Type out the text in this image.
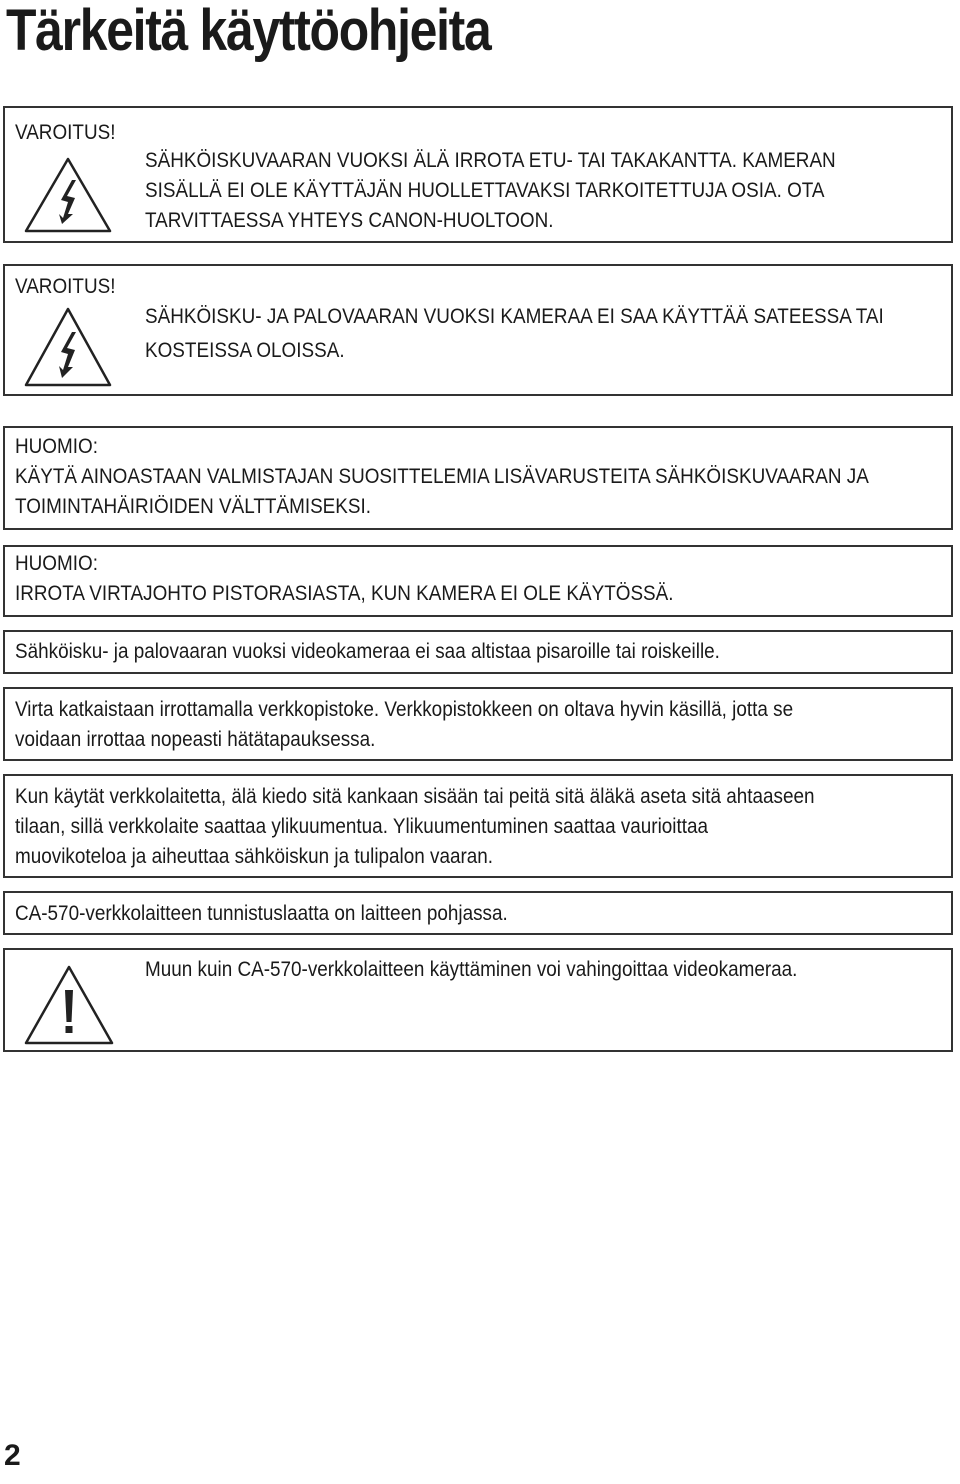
Tärkeitä käyttöohjeita
VAROITUS!
SÄHKÖISKUVAARAN VUOKSI ÄLÄ IRROTA ETU- TAI TAKAKANTTA. KAMERAN
SISÄLLÄ EI OLE KÄYTTÄJÄN HUOLLETTAVAKSI TARKOITETTUJA OSIA. OTA
TARVITTAESSA YHTEYS CANON-HUOLTOON.
VAROITUS!
SÄHKÖISKU- JA PALOVAARAN VUOKSI KAMERAA EI SAA KÄYTTÄÄ SATEESSA TAI
KOSTEISSA OLOISSA.
HUOMIO:
KÄYTÄ AINOASTAAN VALMISTAJAN SUOSITTELEMIA LISÄVARUSTEITA SÄHKÖISKUVAARAN JA
TOIMINTAHÄIRIÖIDEN VÄLTTÄMISEKSI.
HUOMIO:
IRROTA VIRTAJOHTO PISTORASIASTA, KUN KAMERA EI OLE KÄYTÖSSÄ.
Sähköisku- ja palovaaran vuoksi videokameraa ei saa altistaa pisaroille tai roiskeille.
Virta katkaistaan irrottamalla verkkopistoke. Verkkopistokkeen on oltava hyvin käsillä, jotta se
voidaan irrottaa nopeasti hätätapauksessa.
Kun käytät verkkolaitetta, älä kiedo sitä kankaan sisään tai peitä sitä äläkä aseta sitä ahtaaseen
tilaan, sillä verkkolaite saattaa ylikuumentua. Ylikuumentuminen saattaa vaurioittaa
muovikoteloa ja aiheuttaa sähköiskun ja tulipalon vaaran.
CA-570-verkkolaitteen tunnistuslaatta on laitteen pohjassa.
Muun kuin CA-570-verkkolaitteen käyttäminen voi vahingoittaa videokameraa.
2
